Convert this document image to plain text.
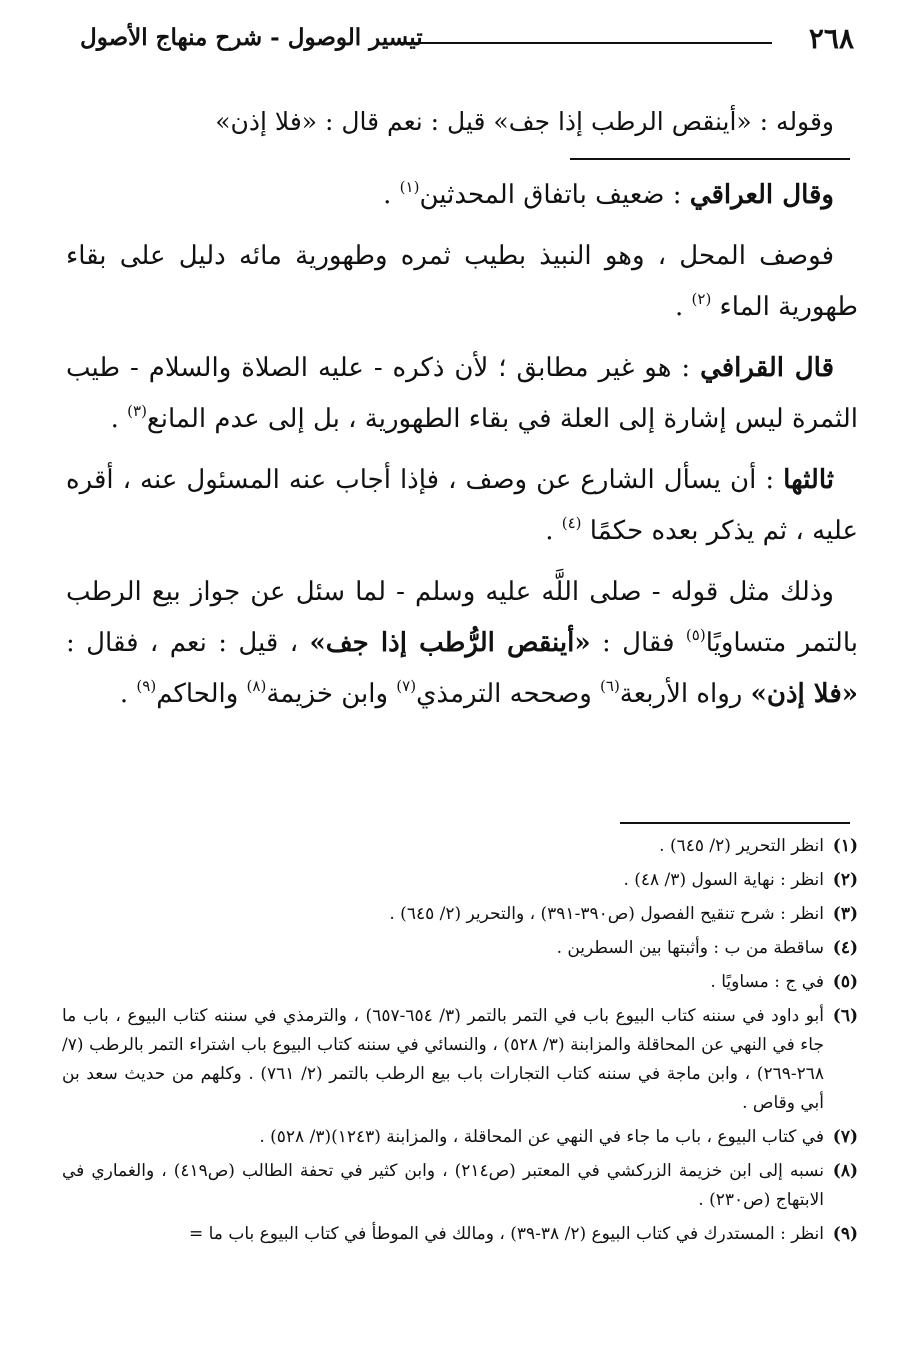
٢٦٨
تيسير الوصول - شرح منهاج الأصول

وقوله : «أينقص الرطب إذا جف» قيل : نعم قال : «فلا إذن»

وقال العراقي : ضعيف باتفاق المحدثين$^{(١)}$ .

فوصف المحل ، وهو النبيذ بطيب ثمره وطهورية مائه دليل على بقاء طهورية الماء $^{(٢)}$ .

قال القرافي : هو غير مطابق ؛ لأن ذكره - عليه الصلاة والسلام - طيب الثمرة ليس إشارة إلى العلة في بقاء الطهورية ، بل إلى عدم المانع$^{(٣)}$ .

ثالثها : أن يسأل الشارع عن وصف ، فإذا أجاب عنه المسئول عنه ، أقره عليه ، ثم يذكر بعده حكمًا $^{(٤)}$ .

وذلك مثل قوله - صلى اللَّه عليه وسلم - لما سئل عن جواز بيع الرطب بالتمر متساويًا$^{(٥)}$ فقال : «أينقص الرُّطب إذا جف» ، قيل : نعم ، فقال : «فلا إذن» رواه الأربعة$^{(٦)}$ وصححه الترمذي$^{(٧)}$ وابن خزيمة$^{(٨)}$ والحاكم$^{(٩)}$ .

(١)
انظر التحرير (٢/ ٦٤٥) .

(٢)
انظر : نهاية السول (٣/ ٤٨) .

(٣)
انظر : شرح تنقيح الفصول (ص٣٩٠-٣٩١) ، والتحرير (٢/ ٦٤٥) .

(٤)
ساقطة من ب : وأثبتها بين السطرين .

(٥)
في ج : مساويًا .

(٦)
أبو داود في سننه كتاب البيوع باب في التمر بالتمر (٣/ ٦٥٤-٦٥٧) ، والترمذي في سننه كتاب البيوع ، باب ما جاء في النهي عن المحاقلة والمزابنة (٣/ ٥٢٨) ، والنسائي في سننه كتاب البيوع باب اشتراء التمر بالرطب (٧/ ٢٦٨-٢٦٩) ، وابن ماجة في سننه كتاب التجارات باب بيع الرطب بالتمر (٢/ ٧٦١) . وكلهم من حديث سعد بن أبي وقاص .

(٧)
في كتاب البيوع ، باب ما جاء في النهي عن المحاقلة ، والمزابنة (١٢٤٣)(٣/ ٥٢٨) .

(٨)
نسبه إلى ابن خزيمة الزركشي في المعتبر (ص٢١٤) ، وابن كثير في تحفة الطالب (ص٤١٩) ، والغماري في الابتهاج (ص٢٣٠) .

(٩)
انظر : المستدرك في كتاب البيوع (٢/ ٣٨-٣٩) ، ومالك في الموطأ في كتاب البيوع باب ما =
